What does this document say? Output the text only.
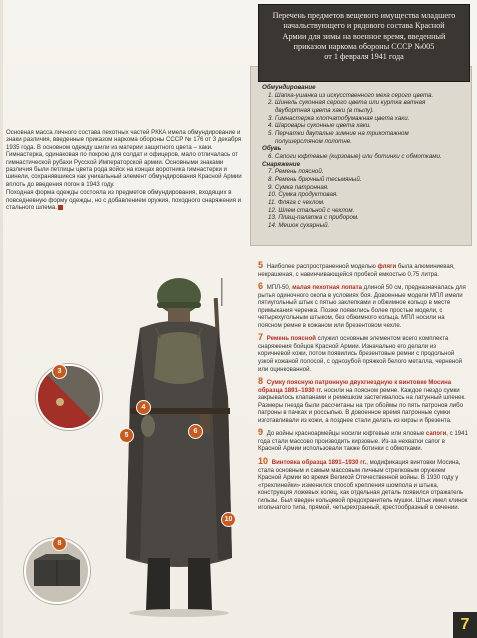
Перечень предметов вещевого имущества младшего
начальствующего и рядового состава Красной
Армии для зимы на военное время, введенный
приказом наркома обороны СССР №005
от 1 февраля 1941 года
Обмундирование
1. Шапка-ушанка из искусственного меха серого цвета.
2. Шинель суконная серого цвета или куртка ватная
двубортная цвета хаки (в тылу).
3. Гимнастерка хлопчатобумажная цвета хаки.
4. Шаровары суконные цвета хаки.
5. Перчатки двупалые зимние на трикотажном
полушерстяном полотне.
Обувь
6. Сапоги юфтевые (кирзовые) или ботинки с обмотками.
Снаряжение
7. Ремень поясной.
8. Ремень брючный тесьмяный.
9. Сумка патронная.
10. Сумка продуктовая.
11. Фляга с чехлом.
12. Шлем стальной с чехлом.
13. Плащ-палатка с прибором.
14. Мешок сухарный.

Основная масса личного состава пехотных частей РККА имела обмундирование и знаки различия, введенные приказом наркома обороны СССР № 176 от 3 декабря 1935 года. В основном одежду шили из материи защитного цвета – хаки. Гимнастерка, одинаковая по покрою для солдат и офицеров, мало отличалась от гимнастической рубахи Русской Императорской армии. Основными знаками различия были петлицы цвета рода войск на концах воротника гимнастерки и шинели, сохранявшиеся как уникальный элемент обмундирования Красной Армии вплоть до введения погон в 1943 году.

Походная форма одежды состояла из предметов обмундирования, входящих в повседневную форму одежды, но с добавлением оружия, походного снаряжения и стального шлема.

4
5
6
10
3
8
5 Наиболее распространенной моделью фляги была алюминиевая, некрашеная, с навинчивающейся пробкой емкостью 0,75 литра.
6 МПЛ-50, малая пехотная лопата длиной 50 см, предназначалась для рытья одиночного окопа в условиях боя. Довоенные модели МПЛ имели пятиугольный штык с пятью заклепками и обжимное кольцо в месте примыкания черенка. Позже появились более простые модели, с четырехугольным штыком, без обжимного кольца. МПЛ носили на поясном ремне в кожаном или брезентовом чехле.
7 Ремень поясной служил основным элементом всего комплекта снаряжения бойцов Красной Армии. Изначально его делали из коричневой кожи, потом появились брезентовые ремни с продольной узкой кожаной полосой, с однозубой пряжкой белого металла, черненой или оцинкованной.
8 Сумку поясную патронную двухгнездную к винтовке Мосина образца 1891–1930 гг. носили на поясном ремне. Каждое гнездо сумки закрывалось клапанами и ремешком застегивалось на латунный шпенек. Размеры гнезда были рассчитаны на три обоймы по пять патронов либо патроны в пачках и россыпью. В довоенное время патронные сумки изготавливали из кожи, а позднее стали делать из кирзы и брезента.
9 До войны красноармейцы носили юфтевые или яловые сапоги, с 1941 года стали массово производить кирзовые. Из-за нехватки сапог в Красной Армии использовали также ботинки с обмотками.
10 Винтовка образца 1891–1930 гг., модификация винтовки Мосина, стала основным и самым массовым личным стрелковым оружием Красной Армии во время Великой Отечественной войны. В 1930 году у «трехлинейки» изменился способ крепления шомпола и штыка, конструкция ложевых колец, как отдельная деталь появился отражатель гильзы. Был введен кольцевой предохранитель мушки. Штык имел клинок игольчатого типа, прямой, четырехгранный, крестообразный в сечении.
7
